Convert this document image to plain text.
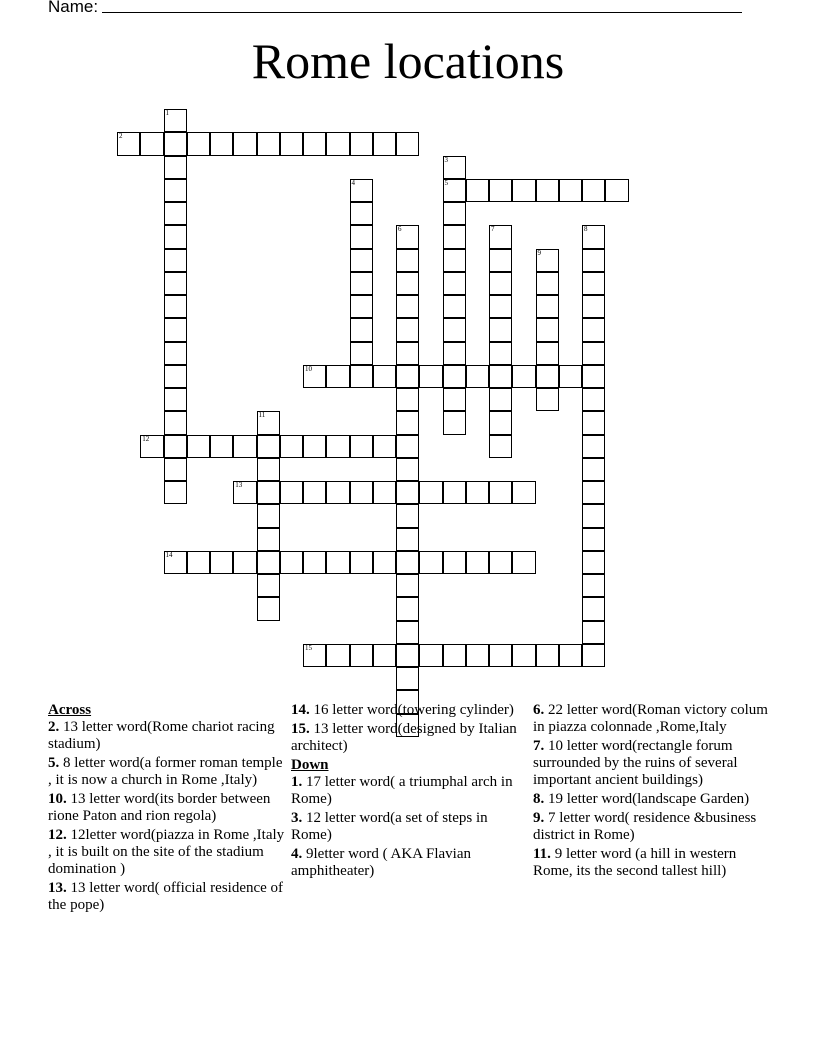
Name:
Rome locations
1
2
3
5
4
6	7	8
9
10
11
12
13
14
15
Across
2. 13 letter word(Rome chariot racing stadium)
5. 8 letter word(a former roman temple , it is now a church in Rome ,Italy)
10. 13 letter word(its border between rione Paton and rion regola)
12. 12letter word(piazza in Rome ,Italy , it is built on the site of the stadium domination )
13. 13 letter word( official residence of the pope)
14. 16 letter word(towering cylinder)
15. 13 letter word(designed by Italian architect)
Down
1. 17 letter word( a triumphal arch in Rome)
3. 12 letter word(a set of steps in Rome)
4. 9letter word ( AKA Flavian amphitheater)
6. 22 letter word(Roman victory colum in piazza colonnade ,Rome,Italy
7. 10 letter word(rectangle forum surrounded by the ruins of several important ancient buildings)
8. 19 letter word(landscape Garden)
9. 7 letter word( residence &business district in Rome)
11. 9 letter word (a hill in western Rome, its the second tallest hill)
